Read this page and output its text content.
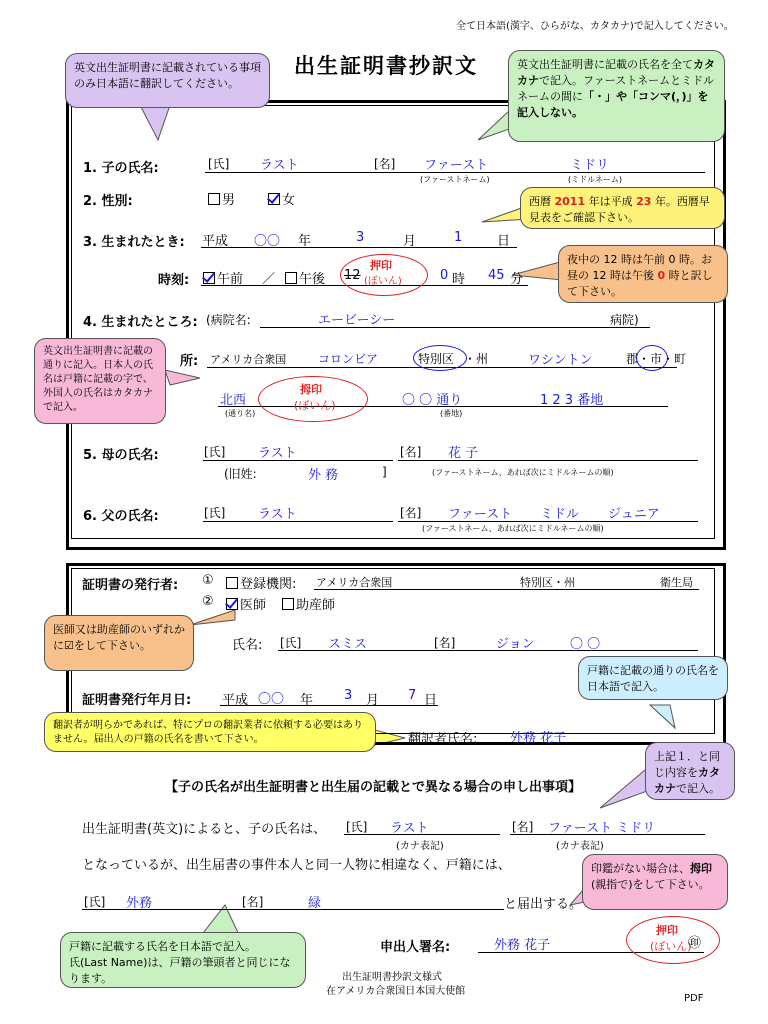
全て日本語(漢字、ひらがな、カタカナ)で記入してください。
出生証明書抄訳文
英文出生証明書に記載されている事項のみ日本語に翻訳してください。
英文出生証明書に記載の氏名を全てカタカナで記入。ファーストネームとミドルネームの間に「・」や「コンマ(，)」を記入しない。
1. 子の氏名:	[氏] ラスト	[名] ファースト	ミドリ
(ファーストネーム)	(ミドルネーム)
2. 性別:	男	女	西暦 2011 年は平成 23 年。西暦早見表をご確認下さい。
3. 生まれたとき: 平成 〇〇 年	3	月	1	日
時刻:	午前 ／	午後 12	0 時 45 分
押印
(ぼいん)
夜中の 12 時は午前 0 時。お昼の 12 時は午後 0 時と訳して下さい。
4. 生まれたところ: (病院名:	エービーシー	病院)
所: アメリカ合衆国	コロンビア	特別区 ・州	ワシントン	郡 ・市 ・町
北西
(通り名)
〇 〇 通り	1 2 3 番地
(番地)
拇印
(ぼいん)
英文出生証明書に記載の通りに記入。日本人の氏名は戸籍に記載の字で、外国人の氏名はカタカナで記入。
5. 母の氏名:	[氏]	ラスト	[名] 花 子
(旧姓:	外 務	]	(ファーストネーム、あれば次にミドルネームの順)
6. 父の氏名:	[氏]	ラスト	[名] ファースト ミドル ジュニア
(ファーストネーム、あれば次にミドルネームの順)
証明書の発行者: ①	登録機関: アメリカ合衆国	特別区・州	衛生局
②	医師	助産師
氏名: [氏] スミス	[名]	ジョン	〇 〇
医師又は助産師のいずれかに☑をして下さい。
戸籍に記載の通りの氏名を日本語で記入。
証明書発行年月日: 平成 〇〇 年 3 月 7 日
翻訳者が明らかであれば、特にプロの翻訳業者に依頼する必要はありません。届出人の戸籍の氏名を書いて下さい。	翻訳者氏名:	外務 花子
上記１．と同じ内容をカタカナで記入。
【子の氏名が出生証明書と出生届の記載とで異なる場合の申し出事項】
出生証明書(英文)によると、子の氏名は、 [氏] ラスト	[名] ファースト ミドリ
(カナ表記)	(カナ表記)
となっているが、出生届書の事件本人と同一人物に相違なく、戸籍には、
[氏] 外務	[名]	緑	と届出する。
印鑑がない場合は、拇印(親指で)をして下さい。
戸籍に記載する氏名を日本語で記入。
氏(Last Name)は、戸籍の筆頭者と同じになります。
申出人署名:	外務 花子
押印
(ぼいん)
㊞
出生証明書抄訳文様式
在アメリカ合衆国日本国大使館
PDF
